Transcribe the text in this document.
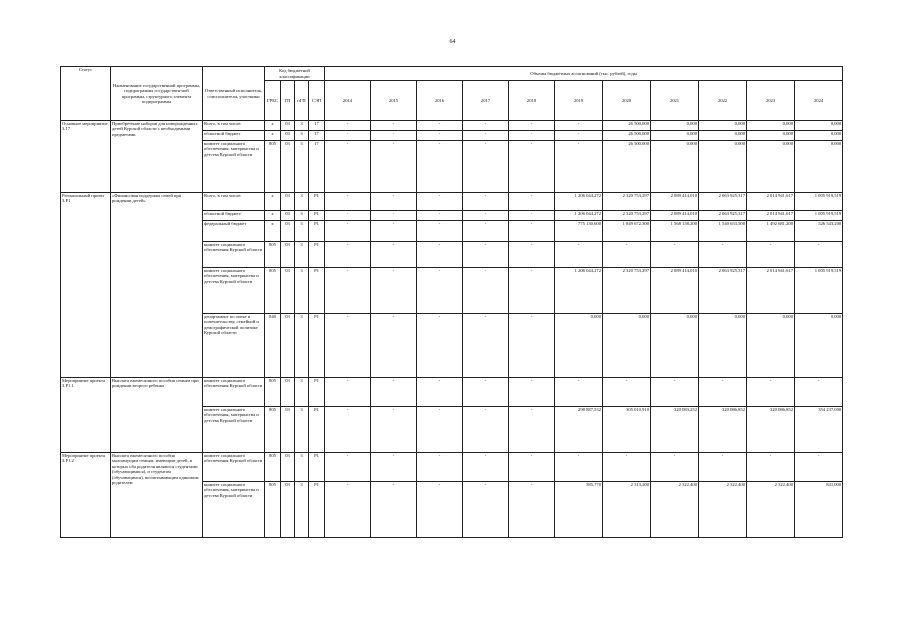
64
Статус	Наименование государственной программы, подпрограммы государствен-ной программы, структурного элемента подпрограммы	Ответственный исполнитель, соисполнители, участники	Код бюджетной классификации				Объемы бюджетных ассигнований (тыс. рублей), годы										
			ГРБС	ГП	пГП	СЭП	2014	2015	2016	2017	2018	2019	2020	2021	2022	2023	2024
Основное мероприятие 3.17	Приобретение наборов для новорожденных детей Курской области с необходимыми предметами	Всего, в том числе:	х	03	3	17	-	-	-	-	-	-	26 500,000	0,000	0,000	0,000	0,000
		областной бюджет	х	03	3	17	-	-	-	-	-	-	26 500,000	0,000	0,000	0,000	0,000
		комитет социального обеспечения, материнства и детства Курской области	805	03	3	17	-	-	-	-	-	-	26 500,000	0,000	0,000	0,000	0,000
Региональный проект 3.Р1	«Финансовая поддержка семей при рождении детей»	Всего, в том числе:	х	03	3	Р1	-	-	-	-	-	1 206 044,272	2 320 753,297	2 089 414,010	2 063 925,317	2 014 941,617	1 005 919,519
		областной бюджет/	х	03	3	Р1	-	-	-	-	-	1 206 044,272	2 320 753,297	2 089 414,010	2 063 925,317	2 014 941,617	1 005 919,519
		федеральный бюджет	х	03	3	Р1	-	-	-	-	-	775 130,600	1 849 672,300	1 568 158,200	1 540 653,500	1 492 681,200	526 543,200
		комитет социального обеспечения Курской области	805	03	3	Р1	-	-	-	-	-	-	-	-	-	-	-
		комитет социального обеспечения, материнства и детства Курской области	805	03	3	Р1	-	-	-	-	-	1 206 044,272	2 320 753,297	2 089 414,010	2 063 925,317	2 014 941,617	1 005 919,519
		департамент по опеке и попечительству, семейной и демографической политике Курской области	840	03	3	Р1	-	-	-	-	-	0,000	0,000	0,000	0,000	0,000	0,000
Мероприятие проекта 3.Р1.1	Выплата ежемесячного пособия семьям при рождении второго ребенка	комитет социального обеспечения Курской области	805	03	3	Р1	-	-	-	-	-	-	-	-	-	-	-
		комитет социального обеспечения, материнства и детства Курской области	805	03	3	Р1	-	-	-	-	-	298 887,532	305 010,910	320 083,252	320 086,852	320 086,852	354 237,000
Мероприятие проекта 3.Р1.2	Выплата ежемесячного пособия малоимущим семьям, имеющим детей, в которых оба родителя являются студентами (обучающимися), и студентам (обучающимся), воспитывающим одиноким родителем	комитет социального обеспечения Курской области	805	03	3	Р1	-	-	-	-	-	-	-	-	-	-	-
		комитет социального обеспечения, материнства и детства Курской области	805	03	3	Р1	-	-	-	-	-	585,770	2 313,200	2 322,400	2 322,400	2 322,400	841,000
